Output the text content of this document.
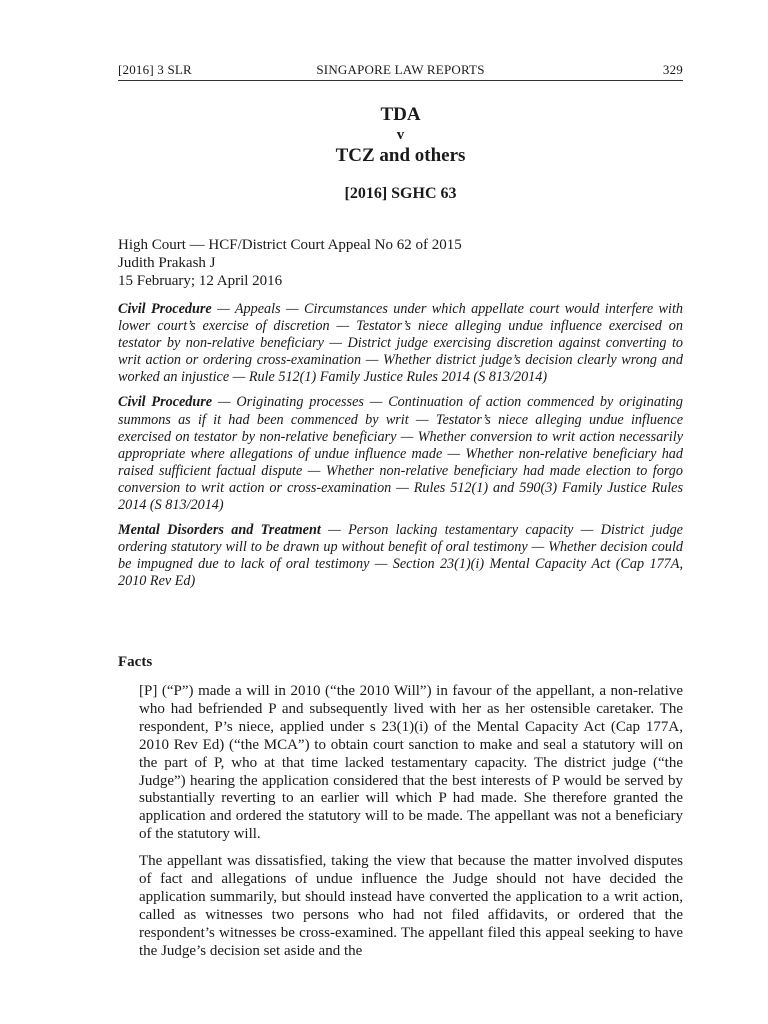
[2016] 3 SLR	SINGAPORE LAW REPORTS	329
TDA
v
TCZ and others
[2016] SGHC 63
High Court — HCF/District Court Appeal No 62 of 2015
Judith Prakash J
15 February; 12 April 2016

Civil Procedure — Appeals — Circumstances under which appellate court would interfere with lower court’s exercise of discretion — Testator’s niece alleging undue influence exercised on testator by non-relative beneficiary — District judge exercising discretion against converting to writ action or ordering cross-examination — Whether district judge’s decision clearly wrong and worked an injustice — Rule 512(1) Family Justice Rules 2014 (S 813/2014)

Civil Procedure — Originating processes — Continuation of action commenced by originating summons as if it had been commenced by writ — Testator’s niece alleging undue influence exercised on testator by non-relative beneficiary — Whether conversion to writ action necessarily appropriate where allegations of undue influence made — Whether non-relative beneficiary had raised sufficient factual dispute — Whether non-relative beneficiary had made election to forgo conversion to writ action or cross-examination — Rules 512(1) and 590(3) Family Justice Rules 2014 (S 813/2014)

Mental Disorders and Treatment — Person lacking testamentary capacity — District judge ordering statutory will to be drawn up without benefit of oral testimony — Whether decision could be impugned due to lack of oral testimony — Section 23(1)(i) Mental Capacity Act (Cap 177A, 2010 Rev Ed)

Facts

[P] (“P”) made a will in 2010 (“the 2010 Will”) in favour of the appellant, a non-relative who had befriended P and subsequently lived with her as her ostensible caretaker. The respondent, P’s niece, applied under s 23(1)(i) of the Mental Capacity Act (Cap 177A, 2010 Rev Ed) (“the MCA”) to obtain court sanction to make and seal a statutory will on the part of P, who at that time lacked testamentary capacity. The district judge (“the Judge”) hearing the application considered that the best interests of P would be served by substantially reverting to an earlier will which P had made. She therefore granted the application and ordered the statutory will to be made. The appellant was not a beneficiary of the statutory will.

The appellant was dissatisfied, taking the view that because the matter involved disputes of fact and allegations of undue influence the Judge should not have decided the application summarily, but should instead have converted the application to a writ action, called as witnesses two persons who had not filed affidavits, or ordered that the respondent’s witnesses be cross-examined. The appellant filed this appeal seeking to have the Judge’s decision set aside and the
